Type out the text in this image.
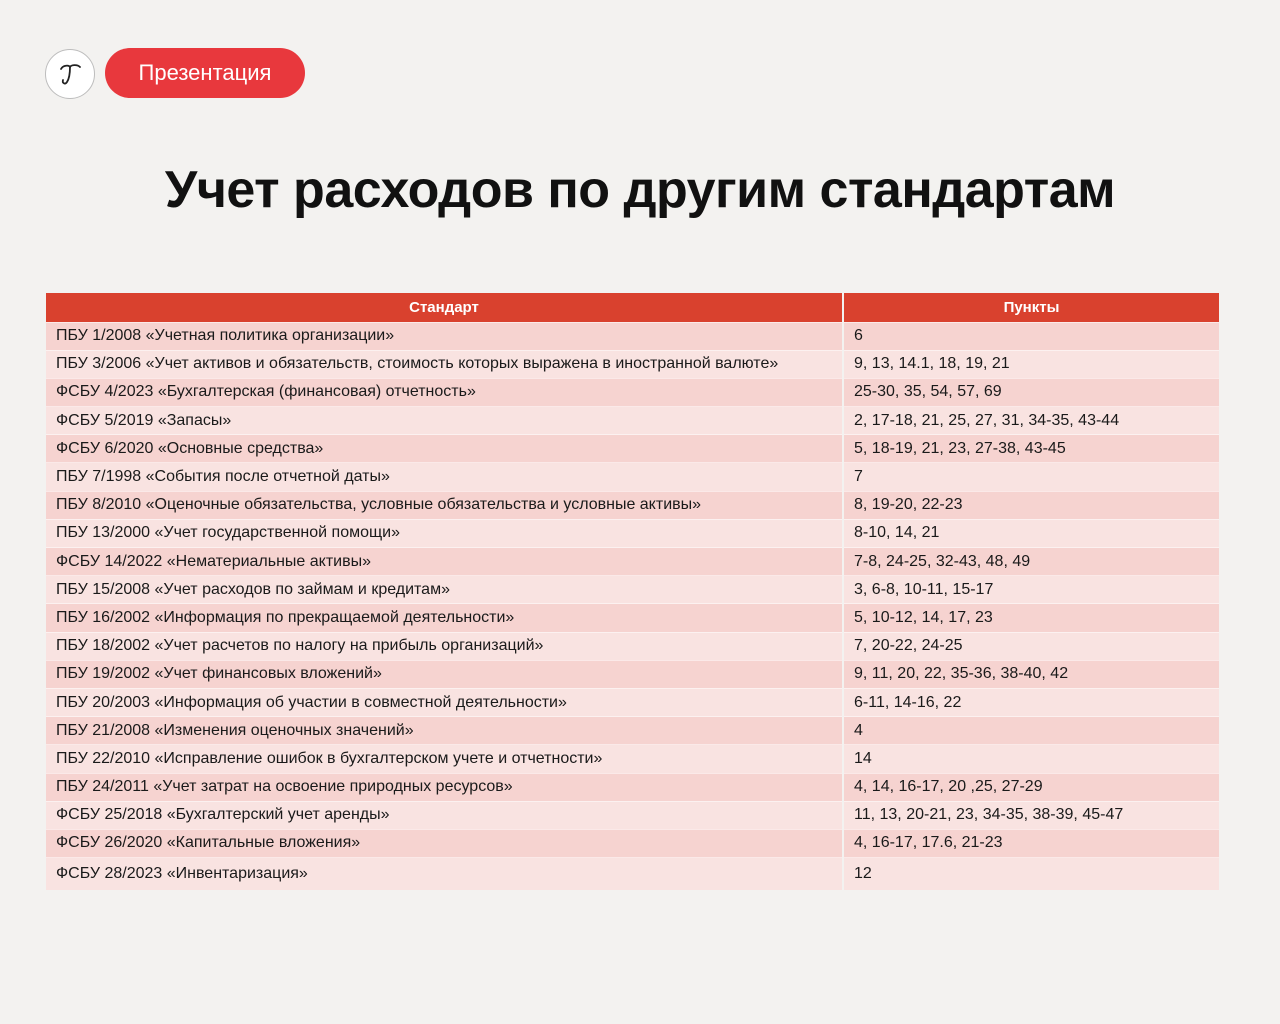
Презентация
Учет расходов по другим стандартам
Стандарт	Пункты
ПБУ 1/2008 «Учетная политика организации»	6
ПБУ 3/2006 «Учет активов и обязательств, стоимость которых выражена в иностранной валюте»	9, 13, 14.1, 18, 19, 21
ФСБУ 4/2023 «Бухгалтерская (финансовая) отчетность»	25-30, 35, 54, 57, 69
ФСБУ 5/2019 «Запасы»	2, 17-18, 21, 25, 27, 31, 34-35, 43-44
ФСБУ 6/2020 «Основные средства»	5, 18-19, 21, 23, 27-38, 43-45
ПБУ 7/1998 «События после отчетной даты»	7
ПБУ 8/2010 «Оценочные обязательства, условные обязательства и условные активы»	8, 19-20, 22-23
ПБУ 13/2000 «Учет государственной помощи»	8-10, 14, 21
ФСБУ 14/2022 «Нематериальные активы»	7-8, 24-25, 32-43, 48, 49
ПБУ 15/2008 «Учет расходов по займам и кредитам»	3, 6-8, 10-11, 15-17
ПБУ 16/2002 «Информация по прекращаемой деятельности»	5, 10-12, 14, 17, 23
ПБУ 18/2002 «Учет расчетов по налогу на прибыль организаций»	7, 20-22, 24-25
ПБУ 19/2002 «Учет финансовых вложений»	9, 11, 20, 22, 35-36, 38-40, 42
ПБУ 20/2003 «Информация об участии в совместной деятельности»	6-11, 14-16, 22
ПБУ 21/2008 «Изменения оценочных значений»	4
ПБУ 22/2010 «Исправление ошибок в бухгалтерском учете и отчетности»	14
ПБУ 24/2011 «Учет затрат на освоение природных ресурсов»	4, 14, 16-17, 20 ,25, 27-29
ФСБУ 25/2018 «Бухгалтерский учет аренды»	11, 13, 20-21, 23, 34-35, 38-39, 45-47
ФСБУ 26/2020 «Капитальные вложения»	4, 16-17, 17.6, 21-23
ФСБУ 28/2023 «Инвентаризация»	12
